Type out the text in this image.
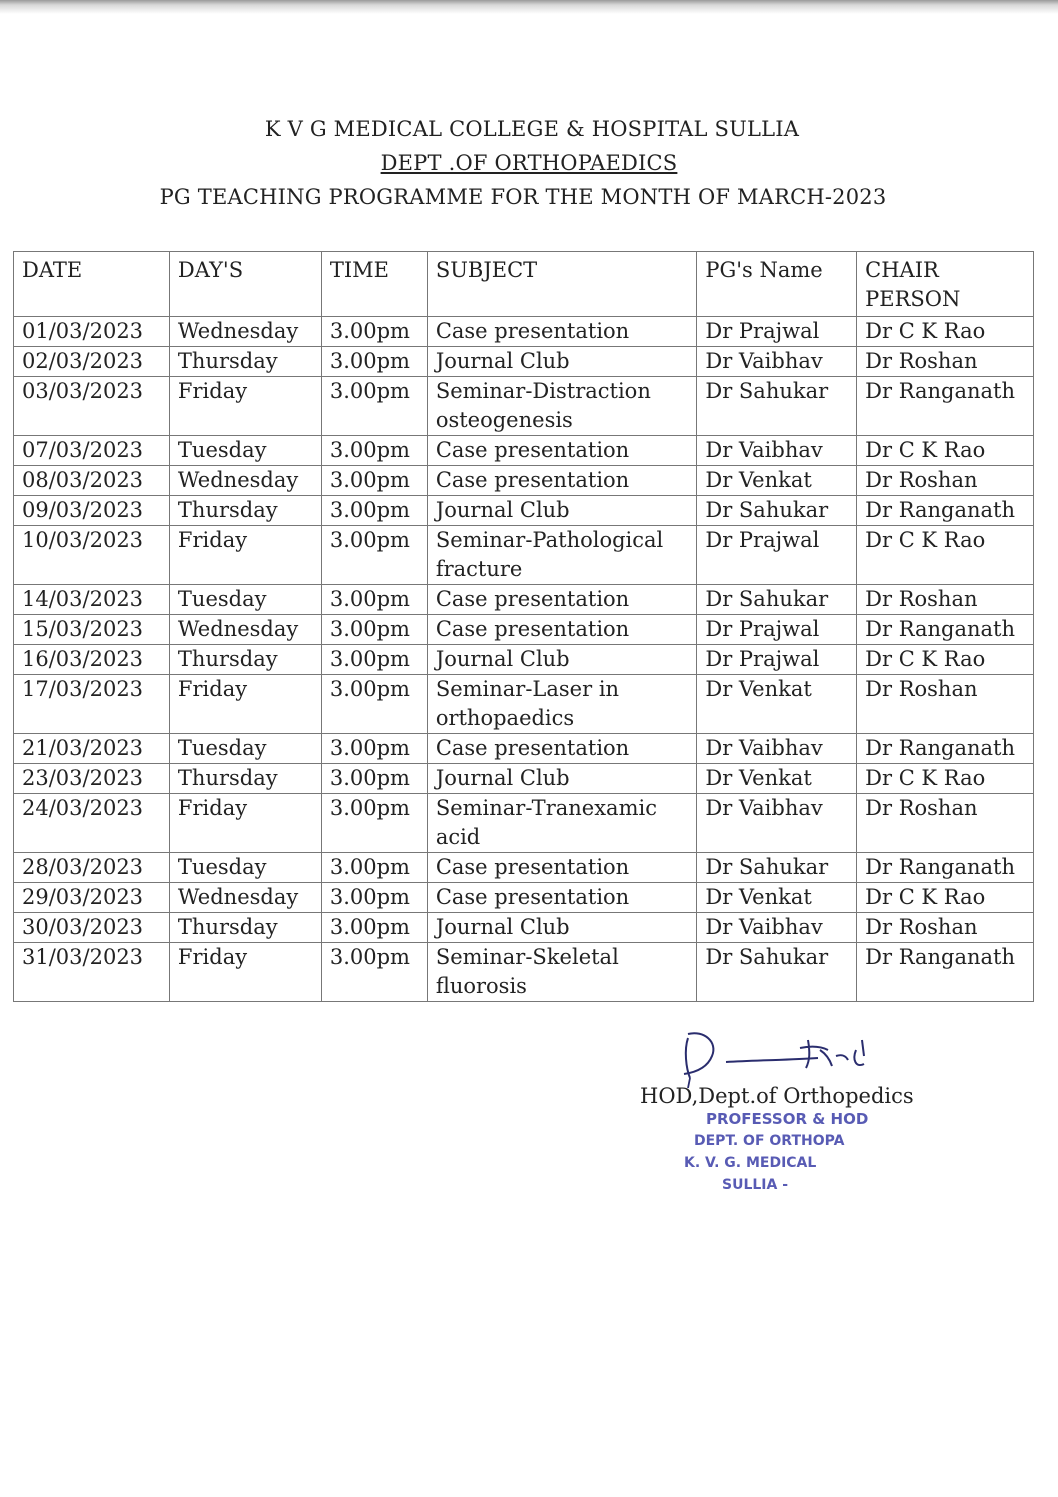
K V G MEDICAL COLLEGE & HOSPITAL SULLIA
DEPT .OF ORTHOPAEDICS
PG TEACHING PROGRAMME FOR THE MONTH OF MARCH-2023
DATE	DAY'S	TIME	SUBJECT	PG's Name	CHAIR PERSON
01/03/2023	Wednesday	3.00pm	Case presentation	Dr Prajwal	Dr C K Rao
02/03/2023	Thursday	3.00pm	Journal Club	Dr Vaibhav	Dr Roshan
03/03/2023	Friday	3.00pm	Seminar-Distraction osteogenesis	Dr Sahukar	Dr Ranganath
07/03/2023	Tuesday	3.00pm	Case presentation	Dr Vaibhav	Dr C K Rao
08/03/2023	Wednesday	3.00pm	Case presentation	Dr Venkat	Dr Roshan
09/03/2023	Thursday	3.00pm	Journal Club	Dr Sahukar	Dr Ranganath
10/03/2023	Friday	3.00pm	Seminar-Pathological fracture	Dr Prajwal	Dr C K Rao
14/03/2023	Tuesday	3.00pm	Case presentation	Dr Sahukar	Dr Roshan
15/03/2023	Wednesday	3.00pm	Case presentation	Dr Prajwal	Dr Ranganath
16/03/2023	Thursday	3.00pm	Journal Club	Dr Prajwal	Dr C K Rao
17/03/2023	Friday	3.00pm	Seminar-Laser in orthopaedics	Dr Venkat	Dr Roshan
21/03/2023	Tuesday	3.00pm	Case presentation	Dr Vaibhav	Dr Ranganath
23/03/2023	Thursday	3.00pm	Journal Club	Dr Venkat	Dr C K Rao
24/03/2023	Friday	3.00pm	Seminar-Tranexamic acid	Dr Vaibhav	Dr Roshan
28/03/2023	Tuesday	3.00pm	Case presentation	Dr Sahukar	Dr Ranganath
29/03/2023	Wednesday	3.00pm	Case presentation	Dr Venkat	Dr C K Rao
30/03/2023	Thursday	3.00pm	Journal Club	Dr Vaibhav	Dr Roshan
31/03/2023	Friday	3.00pm	Seminar-Skeletal fluorosis	Dr Sahukar	Dr Ranganath
HOD,Dept.of Orthopedics
PROFESSOR & HOD
DEPT. OF ORTHOPA
K. V. G. MEDICAL
SULLIA -
